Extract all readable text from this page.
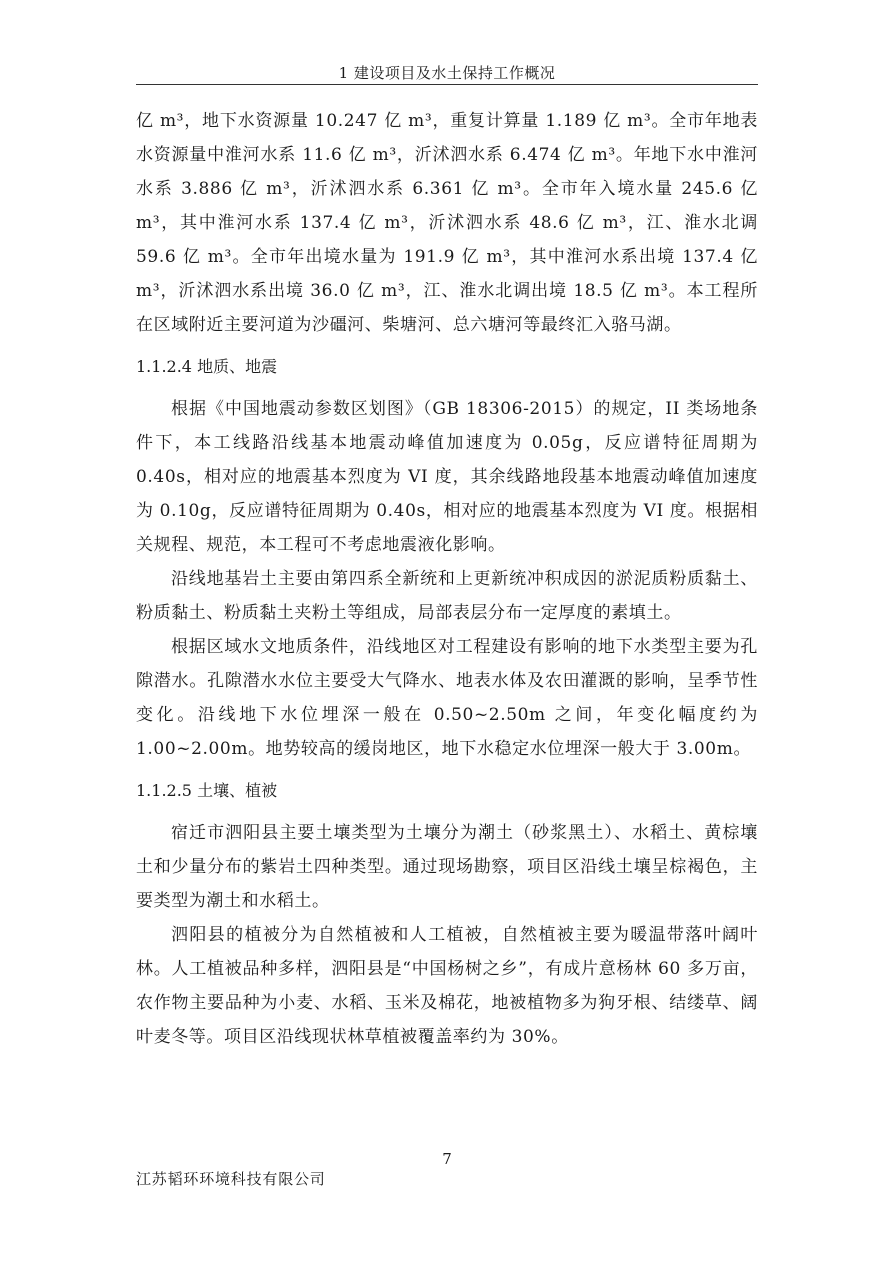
1 建设项目及水土保持工作概况

亿 m³，地下水资源量 10.247 亿 m³，重复计算量 1.189 亿 m³。全市年地表水资源量中淮河水系 11.6 亿 m³，沂沭泗水系 6.474 亿 m³。年地下水中淮河水系 3.886 亿 m³，沂沭泗水系 6.361 亿 m³。全市年入境水量 245.6 亿 m³，其中淮河水系 137.4 亿 m³，沂沭泗水系 48.6 亿 m³，江、淮水北调 59.6 亿 m³。全市年出境水量为 191.9 亿 m³，其中淮河水系出境 137.4 亿 m³，沂沭泗水系出境 36.0 亿 m³，江、淮水北调出境 18.5 亿 m³。本工程所在区域附近主要河道为沙礓河、柴塘河、总六塘河等最终汇入骆马湖。

1.1.2.4 地质、地震

根据《中国地震动参数区划图》（GB 18306-2015）的规定，II 类场地条件下，本工线路沿线基本地震动峰值加速度为 0.05g，反应谱特征周期为 0.40s，相对应的地震基本烈度为 VI 度，其余线路地段基本地震动峰值加速度为 0.10g，反应谱特征周期为 0.40s，相对应的地震基本烈度为 VI 度。根据相关规程、规范，本工程可不考虑地震液化影响。

沿线地基岩土主要由第四系全新统和上更新统冲积成因的淤泥质粉质黏土、粉质黏土、粉质黏土夹粉土等组成，局部表层分布一定厚度的素填土。

根据区域水文地质条件，沿线地区对工程建设有影响的地下水类型主要为孔隙潜水。孔隙潜水水位主要受大气降水、地表水体及农田灌溉的影响，呈季节性变化。沿线地下水位埋深一般在 0.50~2.50m 之间，年变化幅度约为 1.00~2.00m。地势较高的缓岗地区，地下水稳定水位埋深一般大于 3.00m。

1.1.2.5 土壤、植被

宿迁市泗阳县主要土壤类型为土壤分为潮土（砂浆黑土）、水稻土、黄棕壤土和少量分布的紫岩土四种类型。通过现场勘察，项目区沿线土壤呈棕褐色，主要类型为潮土和水稻土。

泗阳县的植被分为自然植被和人工植被，自然植被主要为暖温带落叶阔叶林。人工植被品种多样，泗阳县是“中国杨树之乡”，有成片意杨林 60 多万亩，农作物主要品种为小麦、水稻、玉米及棉花，地被植物多为狗牙根、结缕草、阔叶麦冬等。项目区沿线现状林草植被覆盖率约为 30%。

7
江苏韬环环境科技有限公司
